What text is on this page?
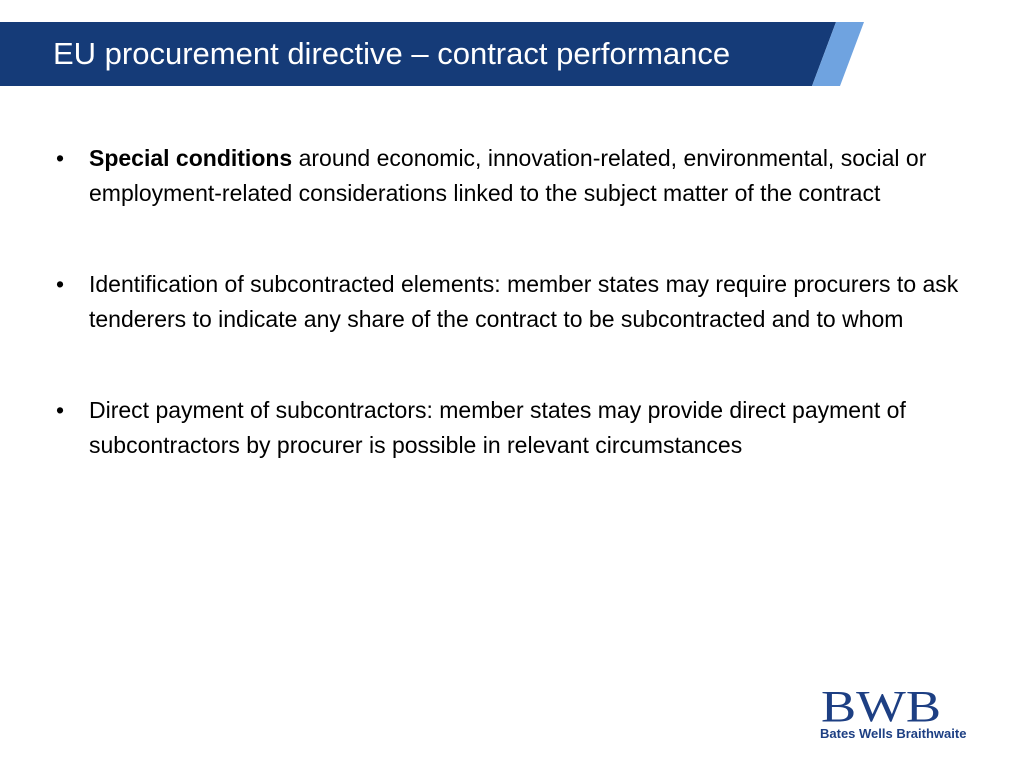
EU procurement directive – contract performance
• Special conditions around economic, innovation-related, environmental, social or employment-related considerations linked to the subject matter of the contract
• Identification of subcontracted elements: member states may require procurers to ask tenderers to indicate any share of the contract to be subcontracted and to whom
• Direct payment of subcontractors: member states may provide direct payment of subcontractors by procurer is possible in relevant circumstances
BWB
Bates Wells Braithwaite
